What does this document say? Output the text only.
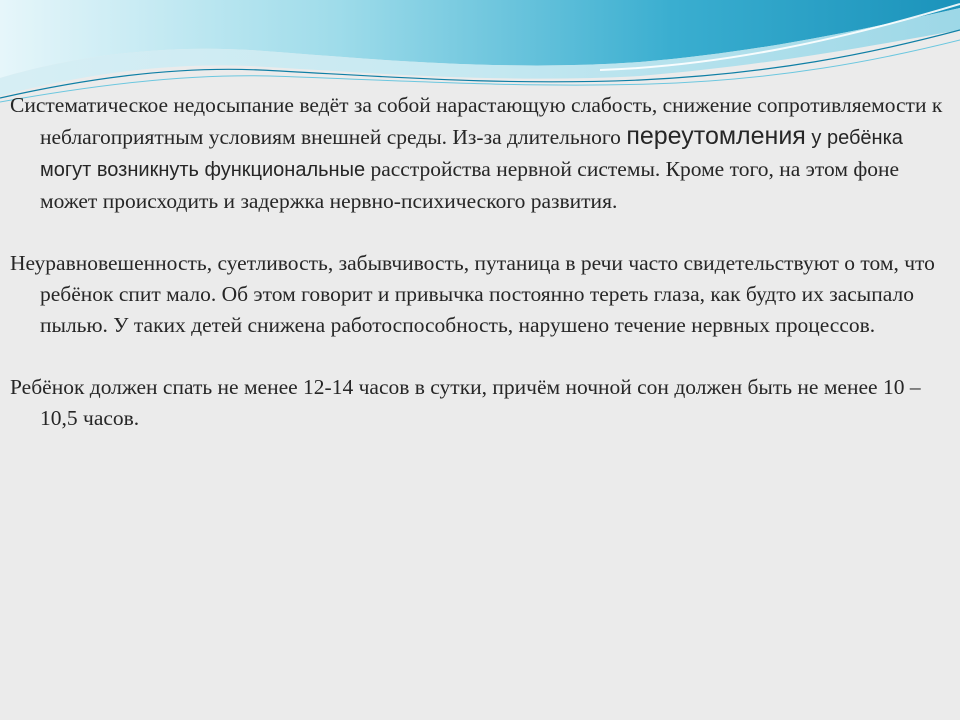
Систематическое недосыпание ведёт за собой нарастающую слабость, снижение сопротивляемости к неблагоприятным условиям внешней среды. Из-за длительного переутомления у ребёнка могут возникнуть функциональные расстройства нервной системы. Кроме того, на этом фоне может происходить и задержка нервно-психического развития.

Неуравновешенность, суетливость, забывчивость, путаница в речи часто свидетельствуют о том, что ребёнок спит мало. Об этом говорит и привычка постоянно тереть глаза, как будто их засыпало пылью. У таких детей снижена работоспособность, нарушено течение нервных процессов.

Ребёнок должен спать не менее 12-14 часов в сутки, причём ночной сон должен быть не менее 10 – 10,5 часов.
